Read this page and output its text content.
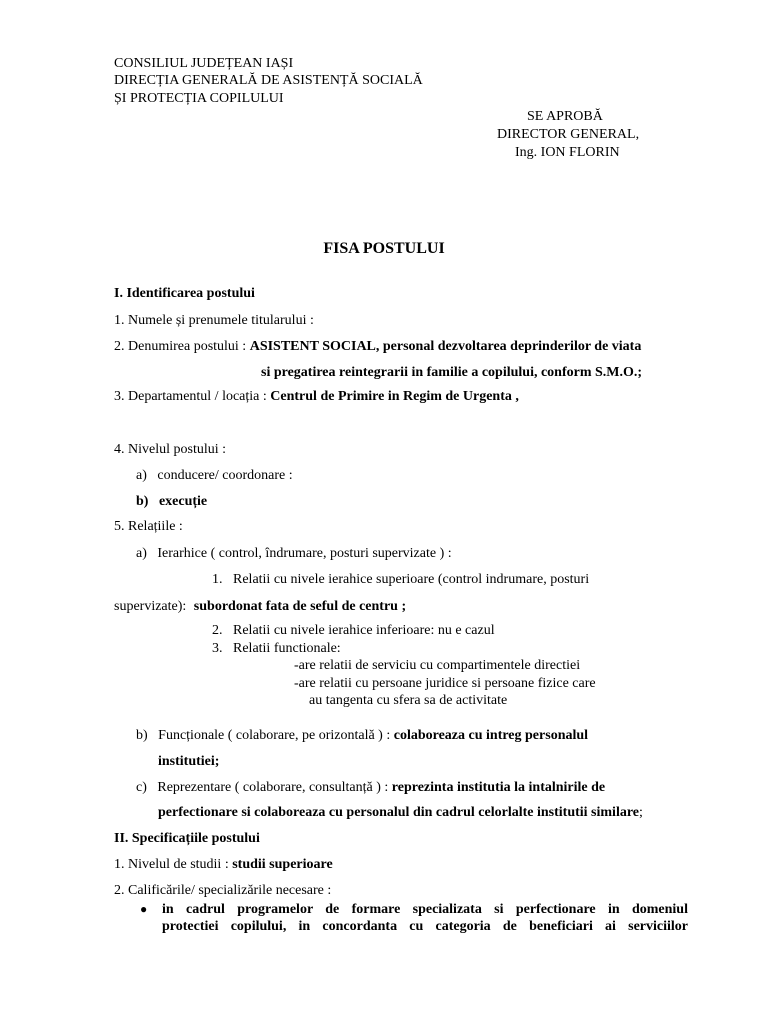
CONSILIUL JUDEȚEAN IAȘI
DIRECȚIA GENERALĂ DE ASISTENȚĂ SOCIALĂ
ȘI PROTECȚIA COPILULUI
SE APROBĂ
DIRECTOR GENERAL,
Ing. ION FLORIN
FISA POSTULUI
I. Identificarea postului
1. Numele și prenumele titularului :
2. Denumirea postului : ASISTENT SOCIAL, personal dezvoltarea deprinderilor de viata
si pregatirea reintegrarii in familie a copilului, conform S.M.O.;
3. Departamentul / locația : Centrul de Primire in Regim de Urgenta ,
4. Nivelul postului :
a)   conducere/ coordonare :
b)   execuție
5. Relațiile :
a)   Ierarhice ( control, îndrumare, posturi supervizate ) :
1.   Relatii cu nivele ierahice superioare (control indrumare, posturi
supervizate): subordonat fata de seful de centru ;
2.   Relatii cu nivele ierahice inferioare: nu e cazul
3.   Relatii functionale:
-are relatii de serviciu cu compartimentele directiei
-are relatii cu persoane juridice si persoane fizice care
au tangenta cu sfera sa de activitate
b)   Funcționale ( colaborare, pe orizontală ) : colaboreaza cu intreg personalul
institutiei;
c)   Reprezentare ( colaborare, consultanță ) : reprezinta institutia la intalnirile de
perfectionare si colaboreaza cu personalul din cadrul celorlalte institutii similare;
II. Specificațiile postului
1. Nivelul de studii : studii superioare
2. Calificările/ specializările necesare :
● in cadrul programelor de formare specializata si perfectionare in domeniul
protectiei copilului, in concordanta cu categoria de beneficiari ai serviciilor
